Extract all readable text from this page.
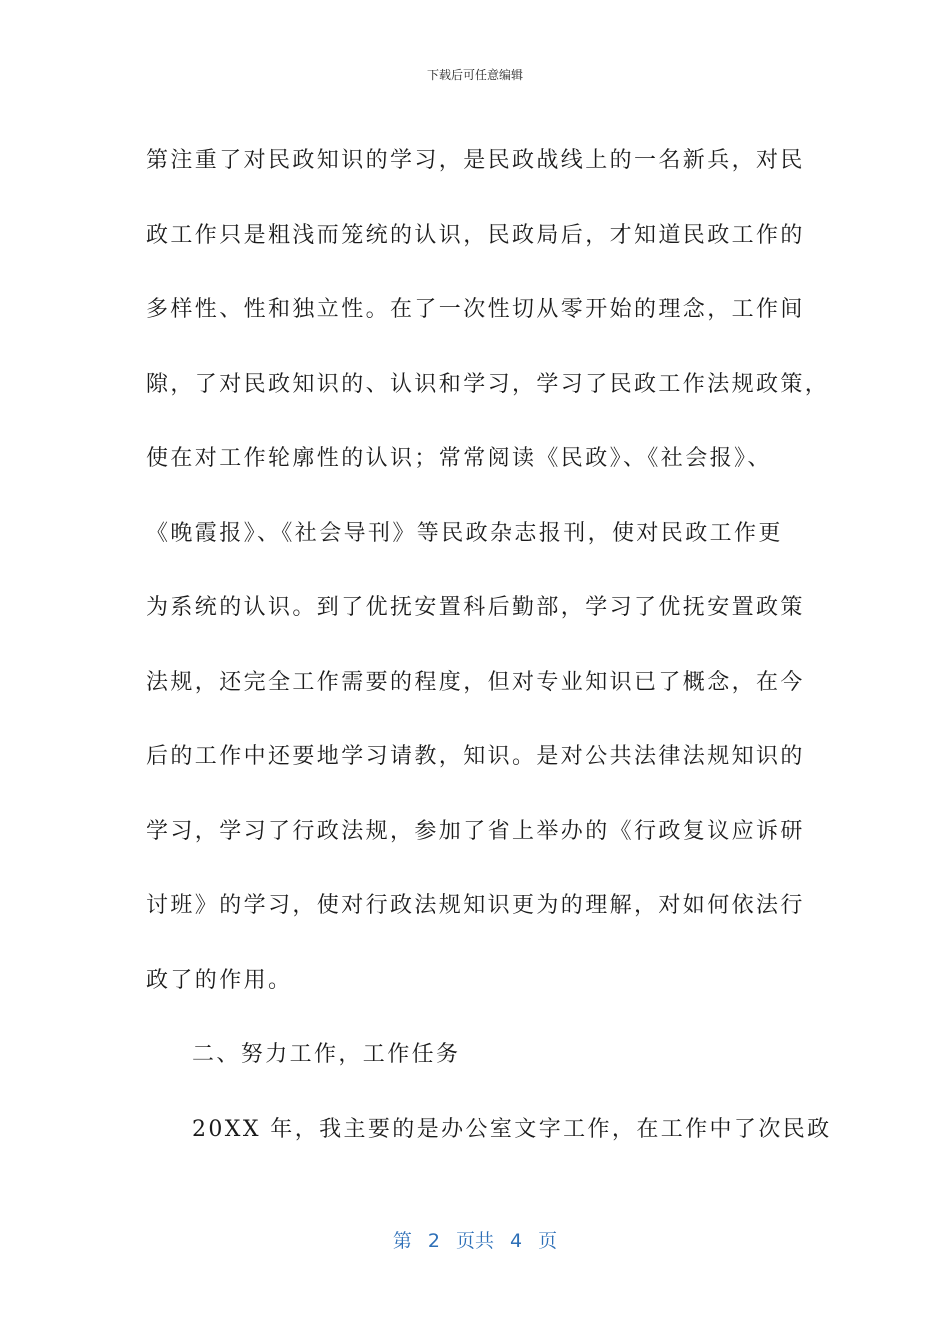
下载后可任意编辑
第注重了对民政知识的学习，是民政战线上的一名新兵，对民
政工作只是粗浅而笼统的认识，民政局后，才知道民政工作的
多样性、性和独立性。在了一次性切从零开始的理念，工作间
隙，了对民政知识的、认识和学习，学习了民政工作法规政策，
使在对工作轮廓性的认识；常常阅读《民政》、《社会报》、
《晚霞报》、《社会导刊》等民政杂志报刊，使对民政工作更
为系统的认识。到了优抚安置科后勤部，学习了优抚安置政策
法规，还完全工作需要的程度，但对专业知识已了概念，在今
后的工作中还要地学习请教，知识。是对公共法律法规知识的
学习，学习了行政法规，参加了省上举办的《行政复议应诉研
讨班》的学习，使对行政法规知识更为的理解，对如何依法行
政了的作用。
二、努力工作，工作任务
20XX 年，我主要的是办公室文字工作，在工作中了次民政
第 2 页共 4 页
